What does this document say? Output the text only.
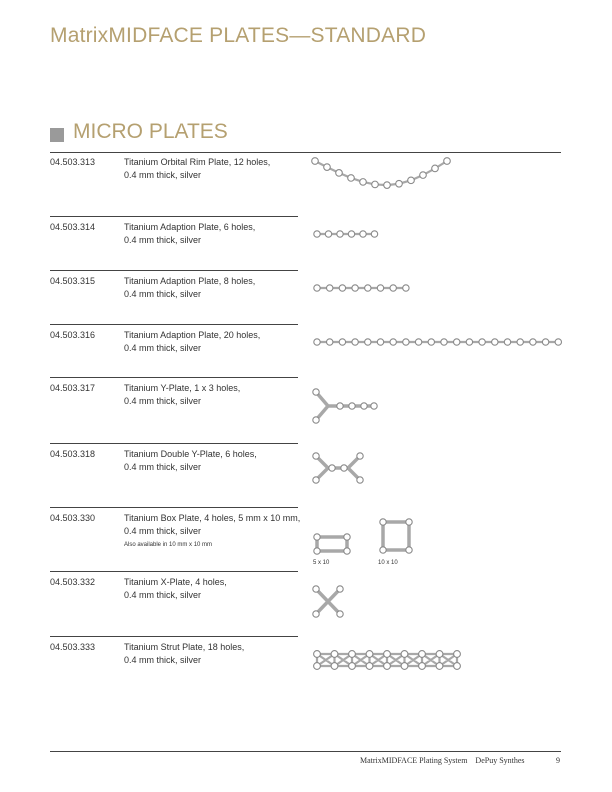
MatrixMIDFACE PLATES—STANDARD
MICRO PLATES
04.503.313	Titanium Orbital Rim Plate, 12 holes,
0.4 mm thick, silver
04.503.314	Titanium Adaption Plate, 6 holes,
0.4 mm thick, silver
04.503.315	Titanium Adaption Plate, 8 holes,
0.4 mm thick, silver
04.503.316	Titanium Adaption Plate, 20 holes,
0.4 mm thick, silver
04.503.317	Titanium Y-Plate, 1 x 3 holes,
0.4 mm thick, silver
04.503.318	Titanium Double Y-Plate, 6 holes,
0.4 mm thick, silver
04.503.330	Titanium Box Plate, 4 holes, 5 mm x 10 mm,
0.4 mm thick, silver
Also available in 10 mm x 10 mm
5 x 10	10 x 10
04.503.332	Titanium X-Plate, 4 holes,
0.4 mm thick, silver
04.503.333	Titanium Strut Plate, 18 holes,
0.4 mm thick, silver
MatrixMIDFACE Plating System DePuy Synthes	9
